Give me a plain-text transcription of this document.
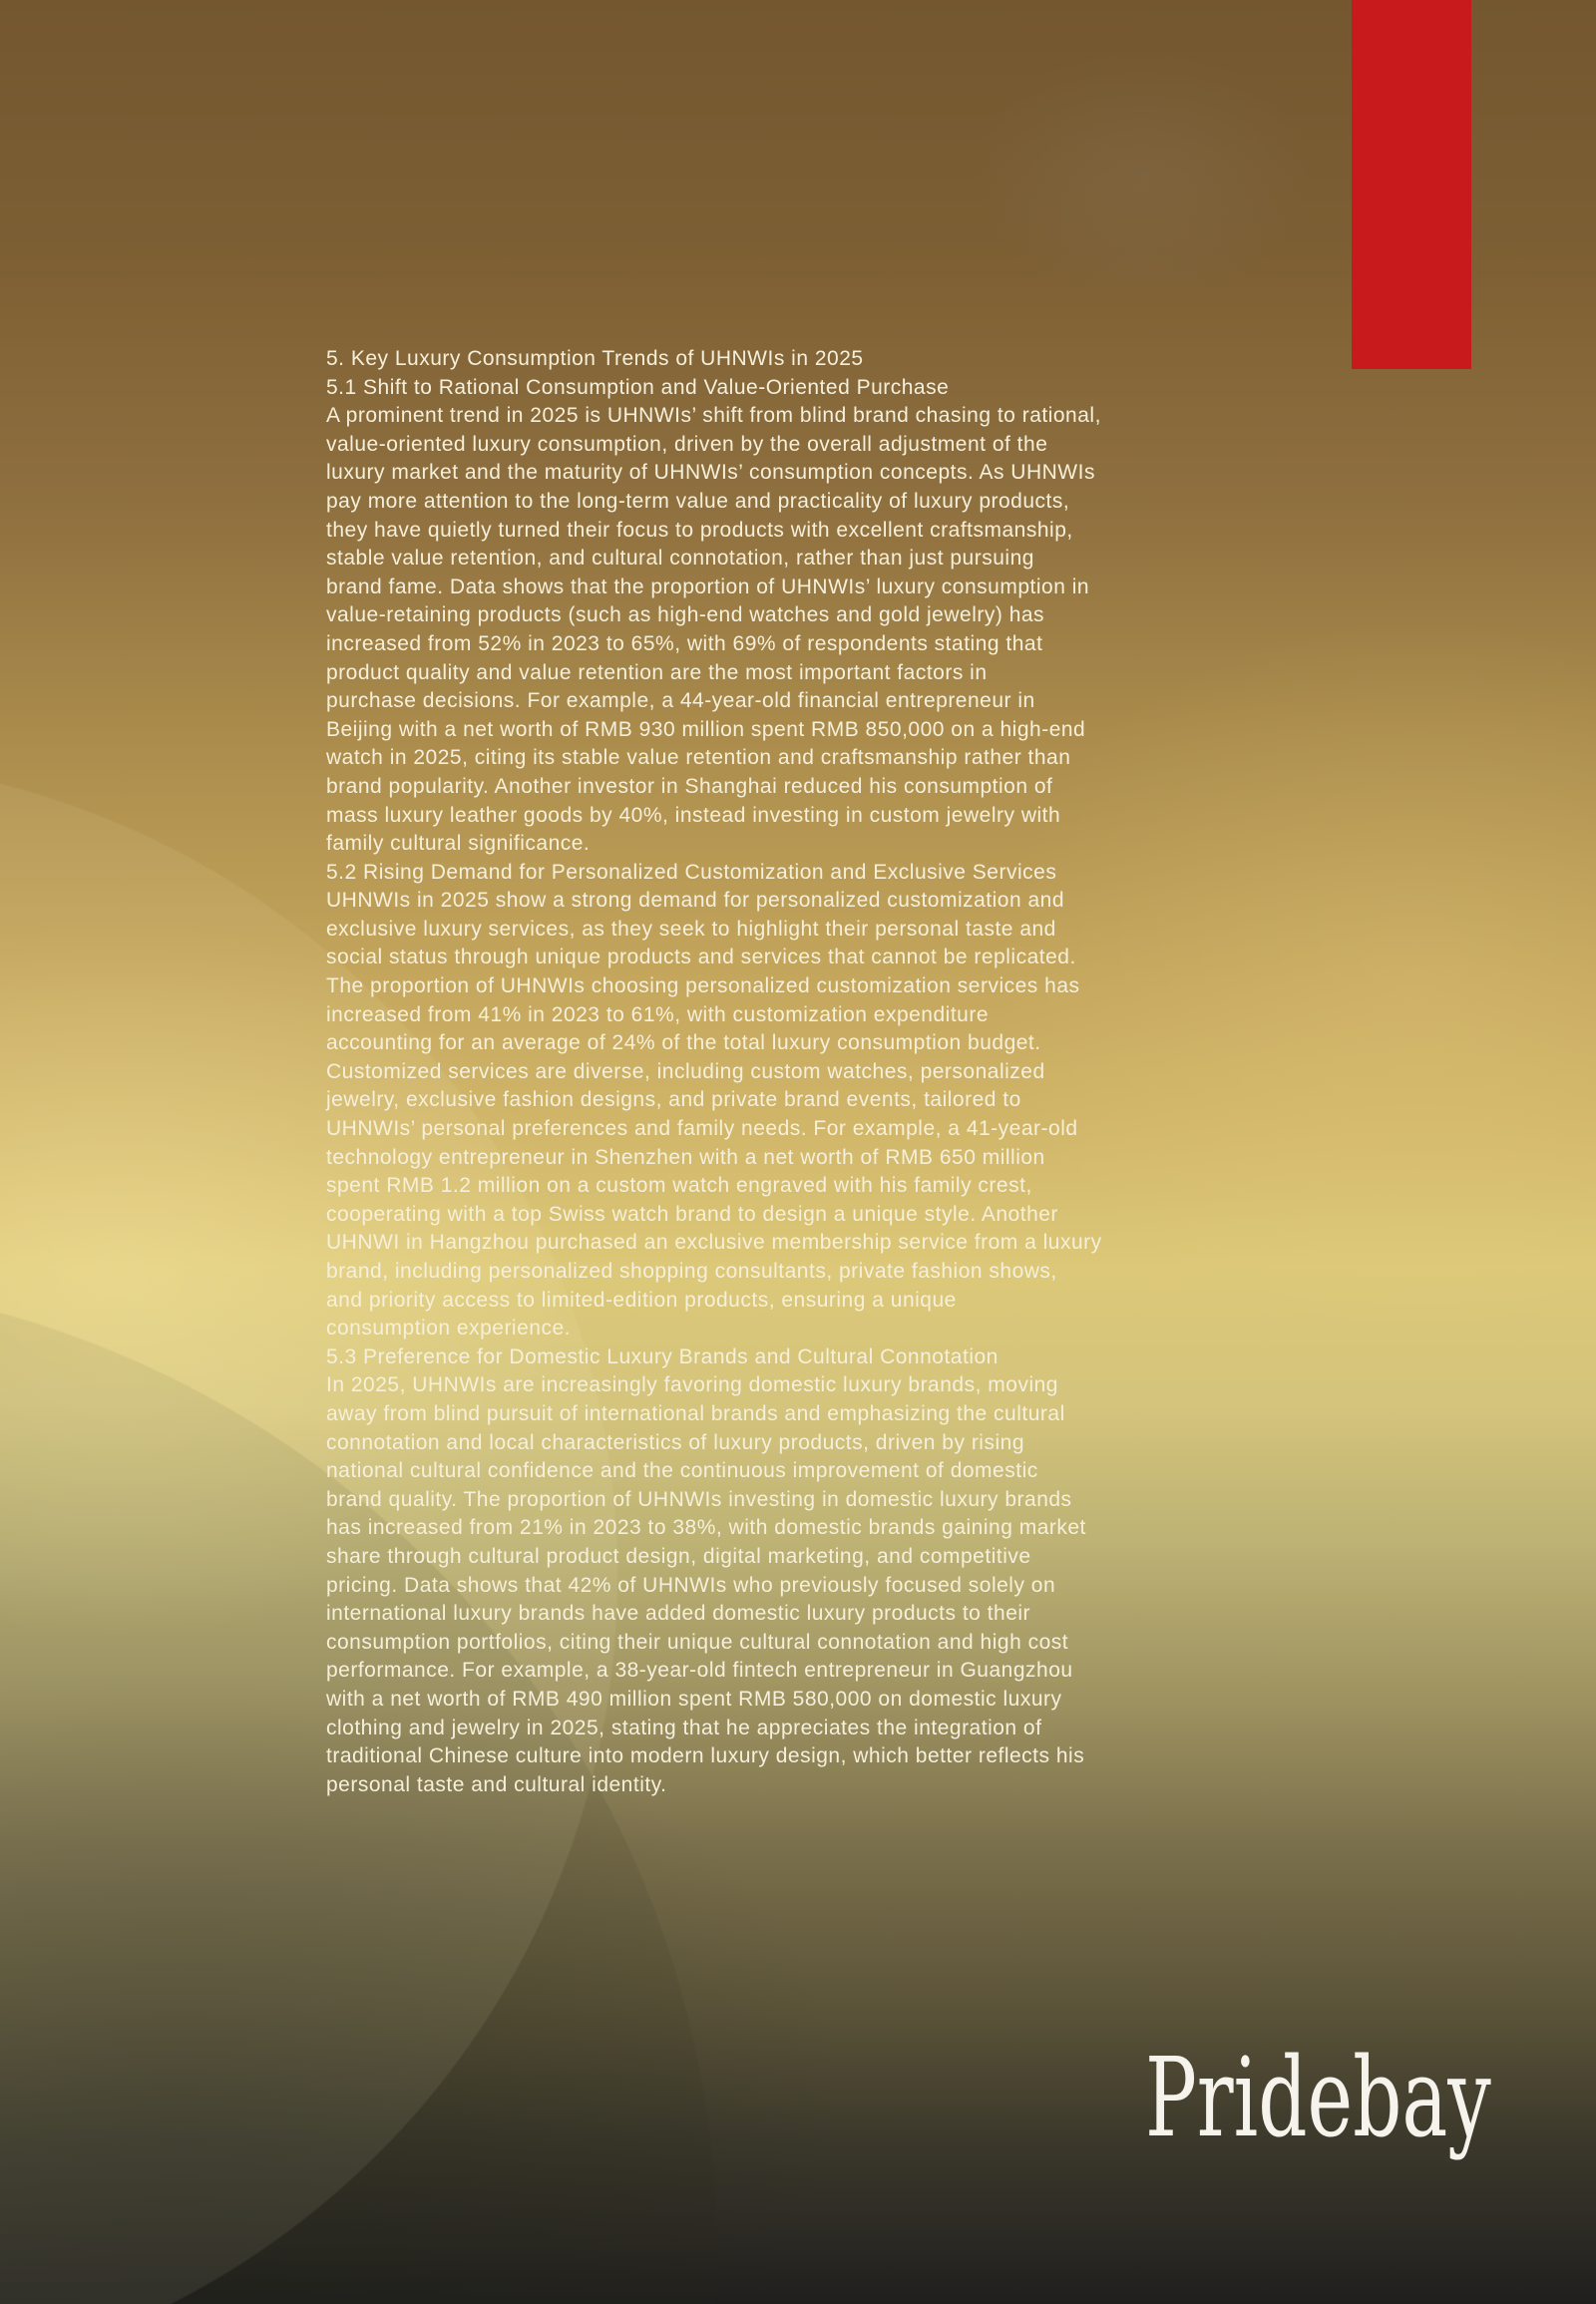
5. Key Luxury Consumption Trends of UHNWIs in 2025
5.1 Shift to Rational Consumption and Value-Oriented Purchase
A prominent trend in 2025 is UHNWIs’ shift from blind brand chasing to rational,
value-oriented luxury consumption, driven by the overall adjustment of the
luxury market and the maturity of UHNWIs’ consumption concepts. As UHNWIs
pay more attention to the long-term value and practicality of luxury products,
they have quietly turned their focus to products with excellent craftsmanship,
stable value retention, and cultural connotation, rather than just pursuing
brand fame. Data shows that the proportion of UHNWIs’ luxury consumption in
value-retaining products (such as high-end watches and gold jewelry) has
increased from 52% in 2023 to 65%, with 69% of respondents stating that
product quality and value retention are the most important factors in
purchase decisions. For example, a 44-year-old financial entrepreneur in
Beijing with a net worth of RMB 930 million spent RMB 850,000 on a high-end
watch in 2025, citing its stable value retention and craftsmanship rather than
brand popularity. Another investor in Shanghai reduced his consumption of
mass luxury leather goods by 40%, instead investing in custom jewelry with
family cultural significance.
5.2 Rising Demand for Personalized Customization and Exclusive Services
UHNWIs in 2025 show a strong demand for personalized customization and
exclusive luxury services, as they seek to highlight their personal taste and
social status through unique products and services that cannot be replicated.
The proportion of UHNWIs choosing personalized customization services has
increased from 41% in 2023 to 61%, with customization expenditure
accounting for an average of 24% of the total luxury consumption budget.
Customized services are diverse, including custom watches, personalized
jewelry, exclusive fashion designs, and private brand events, tailored to
UHNWIs’ personal preferences and family needs. For example, a 41-year-old
technology entrepreneur in Shenzhen with a net worth of RMB 650 million
spent RMB 1.2 million on a custom watch engraved with his family crest,
cooperating with a top Swiss watch brand to design a unique style. Another
UHNWI in Hangzhou purchased an exclusive membership service from a luxury
brand, including personalized shopping consultants, private fashion shows,
and priority access to limited-edition products, ensuring a unique
consumption experience.
5.3 Preference for Domestic Luxury Brands and Cultural Connotation
In 2025, UHNWIs are increasingly favoring domestic luxury brands, moving
away from blind pursuit of international brands and emphasizing the cultural
connotation and local characteristics of luxury products, driven by rising
national cultural confidence and the continuous improvement of domestic
brand quality. The proportion of UHNWIs investing in domestic luxury brands
has increased from 21% in 2023 to 38%, with domestic brands gaining market
share through cultural product design, digital marketing, and competitive
pricing. Data shows that 42% of UHNWIs who previously focused solely on
international luxury brands have added domestic luxury products to their
consumption portfolios, citing their unique cultural connotation and high cost
performance. For example, a 38-year-old fintech entrepreneur in Guangzhou
with a net worth of RMB 490 million spent RMB 580,000 on domestic luxury
clothing and jewelry in 2025, stating that he appreciates the integration of
traditional Chinese culture into modern luxury design, which better reflects his
personal taste and cultural identity.
Pridebay
